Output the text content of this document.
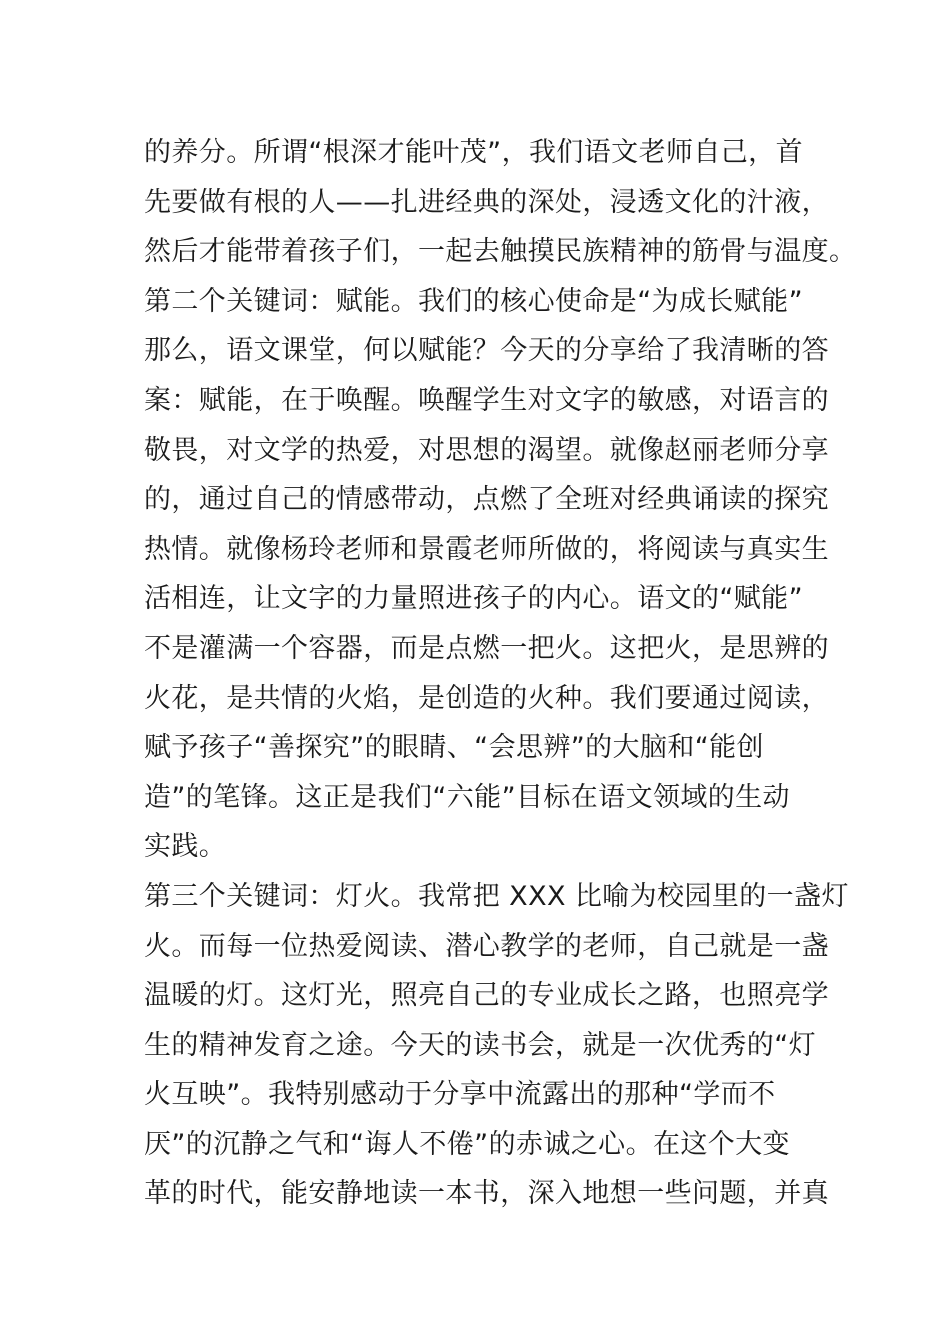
的养分。所谓“根深才能叶茂”，我们语文老师自己，首
先要做有根的人——扎进经典的深处，浸透文化的汁液，
然后才能带着孩子们，一起去触摸民族精神的筋骨与温度。
第二个关键词：赋能。我们的核心使命是“为成长赋能”
那么，语文课堂，何以赋能？今天的分享给了我清晰的答
案：赋能，在于唤醒。唤醒学生对文字的敏感，对语言的
敬畏，对文学的热爱，对思想的渴望。就像赵丽老师分享
的，通过自己的情感带动，点燃了全班对经典诵读的探究
热情。就像杨玲老师和景霞老师所做的，将阅读与真实生
活相连，让文字的力量照进孩子的内心。语文的“赋能”
不是灌满一个容器，而是点燃一把火。这把火，是思辨的
火花，是共情的火焰，是创造的火种。我们要通过阅读，
赋予孩子“善探究”的眼睛、“会思辨”的大脑和“能创
造”的笔锋。这正是我们“六能”目标在语文领域的生动
实践。
第三个关键词：灯火。我常把 XXX 比喻为校园里的一盏灯
火。而每一位热爱阅读、潜心教学的老师，自己就是一盏
温暖的灯。这灯光，照亮自己的专业成长之路，也照亮学
生的精神发育之途。今天的读书会，就是一次优秀的“灯
火互映”。我特别感动于分享中流露出的那种“学而不
厌”的沉静之气和“诲人不倦”的赤诚之心。在这个大变
革的时代，能安静地读一本书，深入地想一些问题，并真
